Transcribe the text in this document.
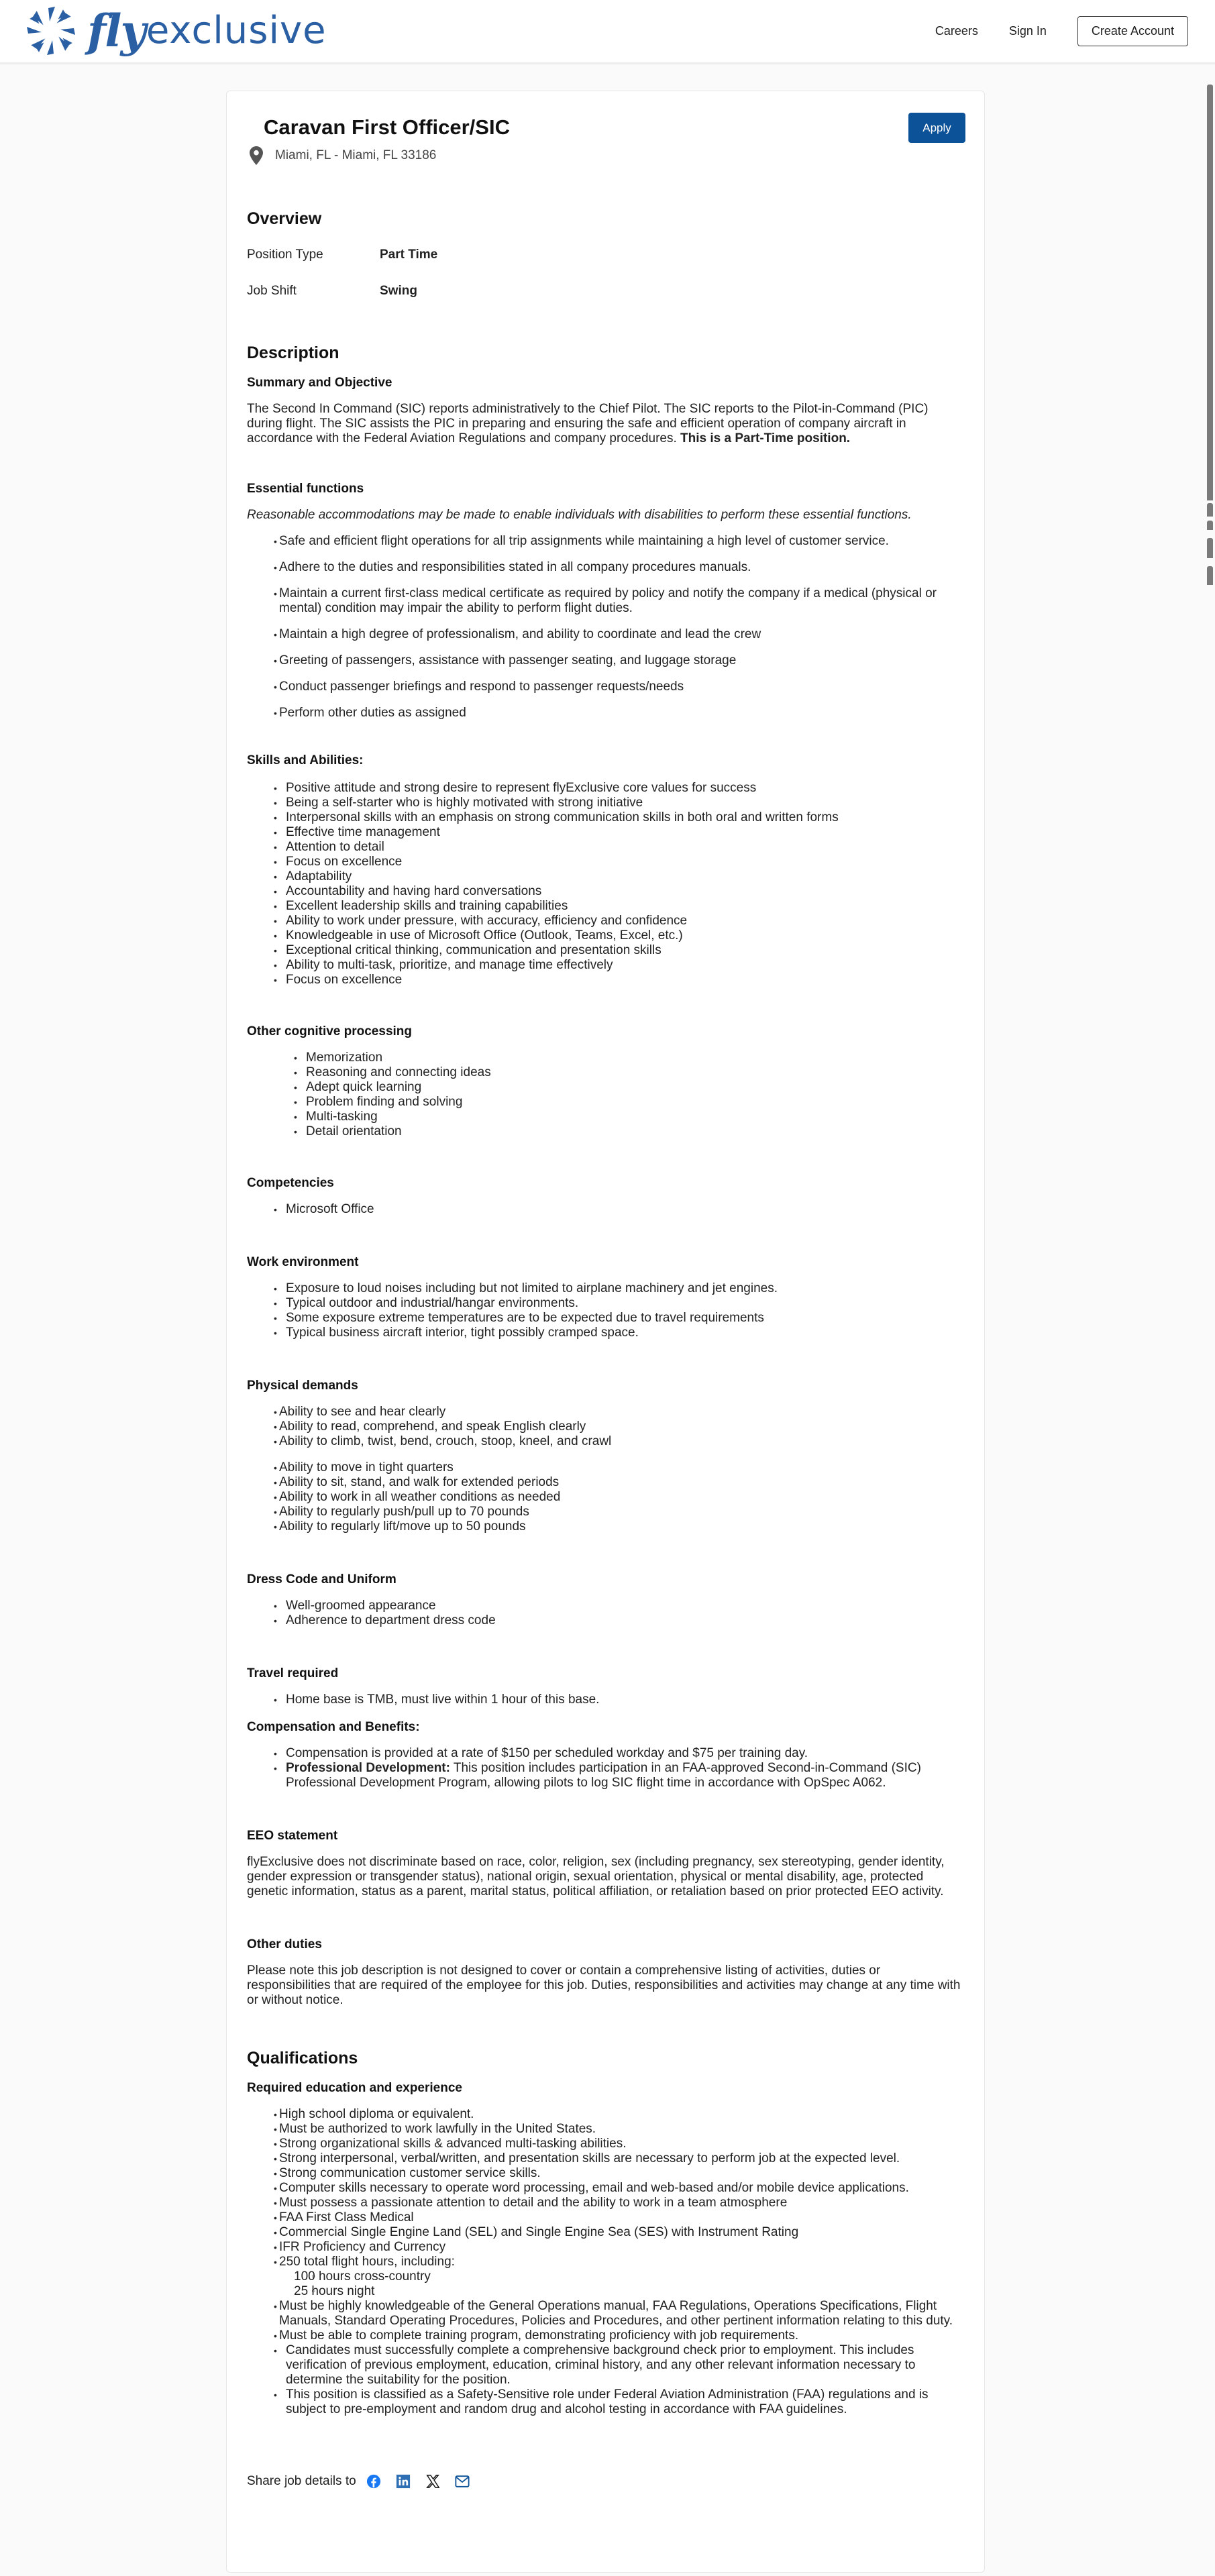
fly exclusive	Careers	Sign In	Create Account
Caravan First Officer/SIC	Apply
Miami, FL - Miami, FL 33186
Overview
Position Type	Part Time
Job Shift	Swing
Description
Summary and Objective

The Second In Command (SIC) reports administratively to the Chief Pilot. The SIC reports to the Pilot-in-Command (PIC) during flight. The SIC assists the PIC in preparing and ensuring the safe and efficient operation of company aircraft in accordance with the Federal Aviation Regulations and company procedures. This is a Part-Time position.

Essential functions

Reasonable accommodations may be made to enable individuals with disabilities to perform these essential functions.

• Safe and efficient flight operations for all trip assignments while maintaining a high level of customer service.
• Adhere to the duties and responsibilities stated in all company procedures manuals.
• Maintain a current first-class medical certificate as required by policy and notify the company if a medical (physical or mental) condition may impair the ability to perform flight duties.
• Maintain a high degree of professionalism, and ability to coordinate and lead the crew
• Greeting of passengers, assistance with passenger seating, and luggage storage
• Conduct passenger briefings and respond to passenger requests/needs
• Perform other duties as assigned
Skills and Abilities:
• Positive attitude and strong desire to represent flyExclusive core values for success
• Being a self-starter who is highly motivated with strong initiative
• Interpersonal skills with an emphasis on strong communication skills in both oral and written forms
• Effective time management
• Attention to detail
• Focus on excellence
• Adaptability
• Accountability and having hard conversations
• Excellent leadership skills and training capabilities
• Ability to work under pressure, with accuracy, efficiency and confidence
• Knowledgeable in use of Microsoft Office (Outlook, Teams, Excel, etc.)
• Exceptional critical thinking, communication and presentation skills
• Ability to multi-task, prioritize, and manage time effectively
• Focus on excellence
Other cognitive processing
• Memorization
• Reasoning and connecting ideas
• Adept quick learning
• Problem finding and solving
• Multi-tasking
• Detail orientation
Competencies
• Microsoft Office
Work environment
• Exposure to loud noises including but not limited to airplane machinery and jet engines.
• Typical outdoor and industrial/hangar environments.
• Some exposure extreme temperatures are to be expected due to travel requirements
• Typical business aircraft interior, tight possibly cramped space.
Physical demands
• Ability to see and hear clearly
• Ability to read, comprehend, and speak English clearly
• Ability to climb, twist, bend, crouch, stoop, kneel, and crawl
• Ability to move in tight quarters
• Ability to sit, stand, and walk for extended periods
• Ability to work in all weather conditions as needed
• Ability to regularly push/pull up to 70 pounds
• Ability to regularly lift/move up to 50 pounds
Dress Code and Uniform
• Well-groomed appearance
• Adherence to department dress code
Travel required
• Home base is TMB, must live within 1 hour of this base.
Compensation and Benefits:
• Compensation is provided at a rate of $150 per scheduled workday and $75 per training day.
• Professional Development: This position includes participation in an FAA-approved Second-in-Command (SIC) Professional Development Program, allowing pilots to log SIC flight time in accordance with OpSpec A062.
EEO statement

flyExclusive does not discriminate based on race, color, religion, sex (including pregnancy, sex stereotyping, gender identity, gender expression or transgender status), national origin, sexual orientation, physical or mental disability, age, protected genetic information, status as a parent, marital status, political affiliation, or retaliation based on prior protected EEO activity.

Other duties

Please note this job description is not designed to cover or contain a comprehensive listing of activities, duties or responsibilities that are required of the employee for this job. Duties, responsibilities and activities may change at any time with or without notice.

Qualifications
Required education and experience
• High school diploma or equivalent.
• Must be authorized to work lawfully in the United States.
• Strong organizational skills & advanced multi-tasking abilities.
• Strong interpersonal, verbal/written, and presentation skills are necessary to perform job at the expected level.
• Strong communication customer service skills.
• Computer skills necessary to operate word processing, email and web-based and/or mobile device applications.
• Must possess a passionate attention to detail and the ability to work in a team atmosphere
• FAA First Class Medical
• Commercial Single Engine Land (SEL) and Single Engine Sea (SES) with Instrument Rating
• IFR Proficiency and Currency
• 250 total flight hours, including:
○ 100 hours cross-country
○ 25 hours night
• Must be highly knowledgeable of the General Operations manual, FAA Regulations, Operations Specifications, Flight Manuals, Standard Operating Procedures, Policies and Procedures, and other pertinent information relating to this duty.
• Must be able to complete training program, demonstrating proficiency with job requirements.
• Candidates must successfully complete a comprehensive background check prior to employment. This includes verification of previous employment, education, criminal history, and any other relevant information necessary to determine the suitability for the position.
• This position is classified as a Safety-Sensitive role under Federal Aviation Administration (FAA) regulations and is subject to pre-employment and random drug and alcohol testing in accordance with FAA guidelines.
Share job details to
